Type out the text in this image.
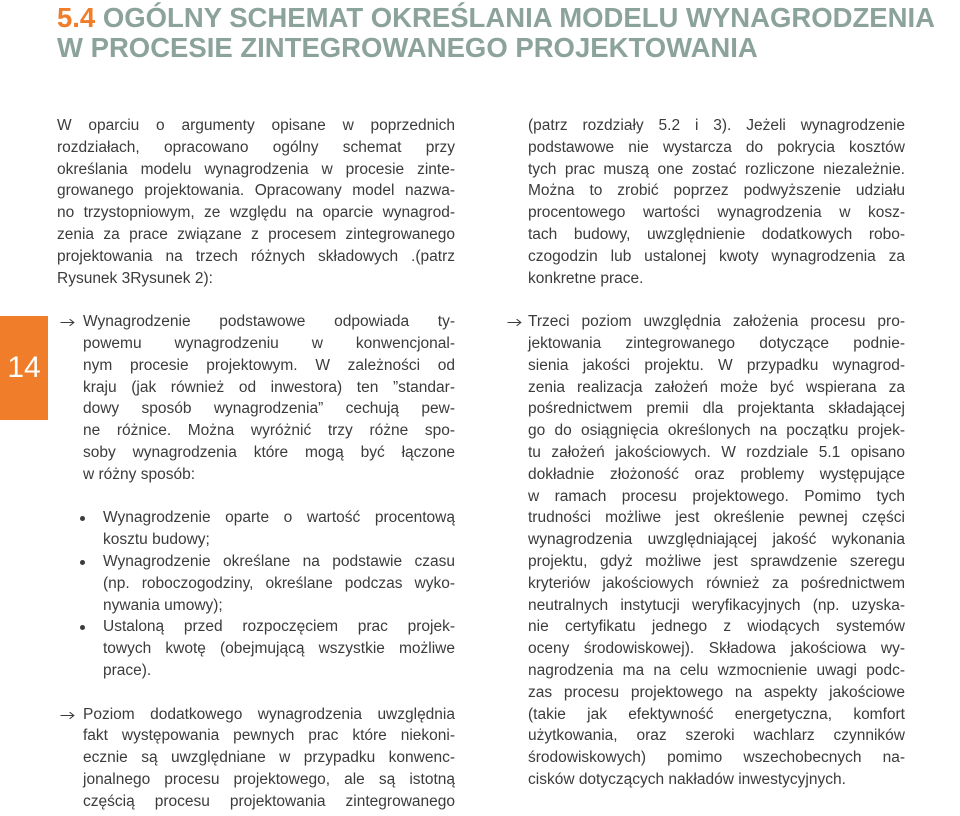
5.4 OGÓLNY SCHEMAT OKREŚLANIA MODELU WYNAGRODZENIA
W PROCESIE ZINTEGROWANEGO PROJEKTOWANIA
14
W oparciu o argumenty opisane w poprzednich
rozdziałach, opracowano ogólny schemat przy
określania modelu wynagrodzenia w procesie zinte-
growanego projektowania. Opracowany model nazwa-
no trzystopniowym, ze względu na oparcie wynagrod-
zenia za prace związane z procesem zintegrowanego
projektowania na trzech różnych składowych .(patrz
Rysunek 3Rysunek 2):
Wynagrodzenie podstawowe odpowiada ty-
powemu wynagrodzeniu w konwencjonal-
nym procesie projektowym. W zależności od
kraju (jak również od inwestora) ten ”standar-
dowy sposób wynagrodzenia” cechują pew-
ne różnice. Można wyróżnić trzy różne spo-
soby wynagrodzenia które mogą być łączone
w różny sposób:
Wynagrodzenie oparte o wartość procentową
kosztu budowy;
Wynagrodzenie określane na podstawie czasu
(np. roboczogodziny, określane podczas wyko-
nywania umowy);
Ustaloną przed rozpoczęciem prac projek-
towych kwotę (obejmującą wszystkie możliwe
prace).
Poziom dodatkowego wynagrodzenia uwzględnia
fakt występowania pewnych prac które niekoni-
ecznie są uwzględniane w przypadku konwenc-
jonalnego procesu projektowego, ale są istotną
częścią procesu projektowania zintegrowanego
(patrz rozdziały 5.2 i 3). Jeżeli wynagrodzenie
podstawowe nie wystarcza do pokrycia kosztów
tych prac muszą one zostać rozliczone niezależnie.
Można to zrobić poprzez podwyższenie udziału
procentowego wartości wynagrodzenia w kosz-
tach budowy, uwzględnienie dodatkowych robo-
czogodzin lub ustalonej kwoty wynagrodzenia za
konkretne prace.
Trzeci poziom uwzględnia założenia procesu pro-
jektowania zintegrowanego dotyczące podnie-
sienia jakości projektu. W przypadku wynagrod-
zenia realizacja założeń może być wspierana za
pośrednictwem premii dla projektanta składającej
go do osiągnięcia określonych na początku projek-
tu założeń jakościowych. W rozdziale 5.1 opisano
dokładnie złożoność oraz problemy występujące
w ramach procesu projektowego. Pomimo tych
trudności możliwe jest określenie pewnej części
wynagrodzenia uwzględniającej jakość wykonania
projektu, gdyż możliwe jest sprawdzenie szeregu
kryteriów jakościowych również za pośrednictwem
neutralnych instytucji weryfikacyjnych (np. uzyska-
nie certyfikatu jednego z wiodących systemów
oceny środowiskowej). Składowa jakościowa wy-
nagrodzenia ma na celu wzmocnienie uwagi podc-
zas procesu projektowego na aspekty jakościowe
(takie jak efektywność energetyczna, komfort
użytkowania, oraz szeroki wachlarz czynników
środowiskowych) pomimo wszechobecnych na-
cisków dotyczących nakładów inwestycyjnych.
